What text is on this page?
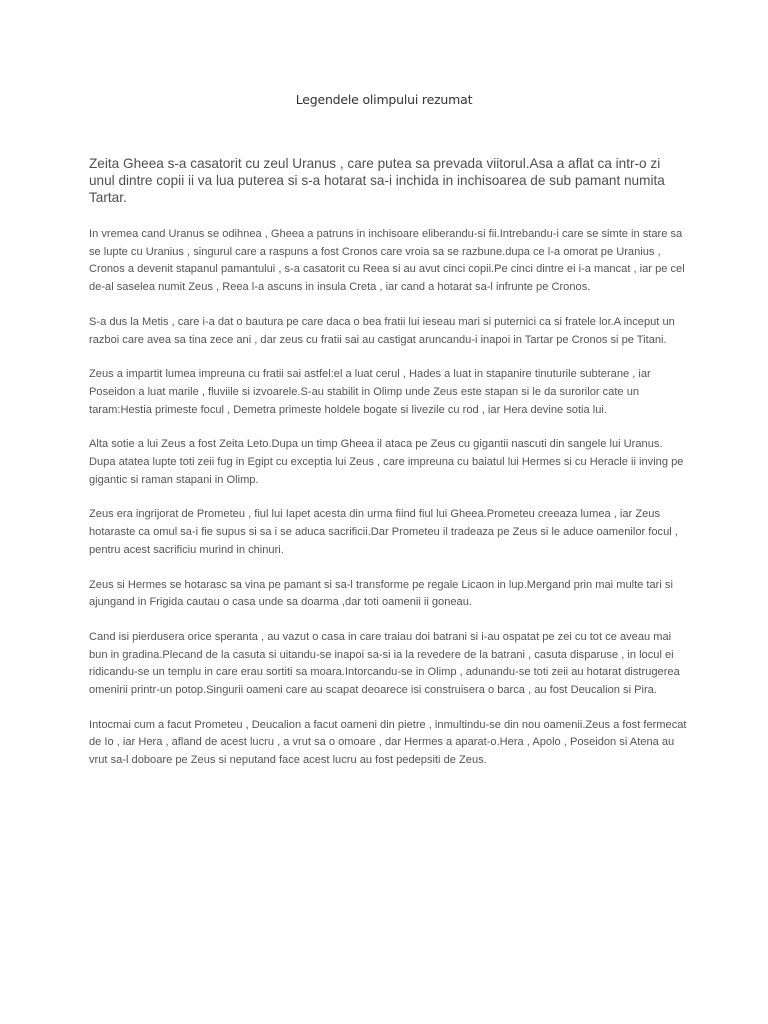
Legendele olimpului rezumat

Zeita Gheea s-a casatorit cu zeul Uranus , care putea sa prevada viitorul.Asa a aflat ca intr-o zi unul dintre copii ii va lua puterea si s-a hotarat sa-i inchida in inchisoarea de sub pamant numita Tartar.

In vremea cand Uranus se odihnea , Gheea a patruns in inchisoare eliberandu-si fii.Intrebandu-i care se simte in stare sa se lupte cu Uranius , singurul care a raspuns a fost Cronos care vroia sa se razbune.dupa ce l-a omorat pe Uranius , Cronos a devenit stapanul pamantului , s-a casatorit cu Reea si au avut cinci copii.Pe cinci dintre ei i-a mancat , iar pe cel de-al saselea numit Zeus , Reea l-a ascuns in insula Creta , iar cand a hotarat sa-l infrunte pe Cronos.

S-a dus la Metis , care i-a dat o bautura pe care daca o bea fratii lui ieseau mari si puternici ca si fratele lor.A inceput un razboi care avea sa tina zece ani , dar zeus cu fratii sai au castigat aruncandu-i inapoi in Tartar pe Cronos si pe Titani.

Zeus a impartit lumea impreuna cu fratii sai astfel:el a luat cerul , Hades a luat in stapanire tinuturile subterane , iar Poseidon a luat marile , fluviile si izvoarele.S-au stabilit in Olimp unde Zeus este stapan si le da surorilor cate un taram:Hestia primeste focul , Demetra primeste holdele bogate si livezile cu rod , iar Hera devine sotia lui.

Alta sotie a lui Zeus a fost Zeita Leto.Dupa un timp Gheea il ataca pe Zeus cu gigantii nascuti din sangele lui Uranus. Dupa atatea lupte toti zeii fug in Egipt cu exceptia lui Zeus , care impreuna cu baiatul lui Hermes si cu Heracle ii inving pe gigantic si raman stapani in Olimp.

Zeus era ingrijorat de Prometeu , fiul lui Iapet acesta din urma fiind fiul lui Gheea.Prometeu creeaza lumea , iar Zeus hotaraste ca omul sa-i fie supus si sa i se aduca sacrificii.Dar Prometeu il tradeaza pe Zeus si le aduce oamenilor focul , pentru acest sacrificiu murind in chinuri.

Zeus si Hermes se hotarasc sa vina pe pamant si sa-l transforme pe regale Licaon in lup.Mergand prin mai multe tari si ajungand in Frigida cautau o casa unde sa doarma ,dar toti oamenii ii goneau.

Cand isi pierdusera orice speranta , au vazut o casa in care traiau doi batrani si i-au ospatat pe zei cu tot ce aveau mai bun in gradina.Plecand de la casuta si uitandu-se inapoi sa-si ia la revedere de la batrani , casuta disparuse , in locul ei ridicandu-se un templu in care erau sortiti sa moara.Intorcandu-se in Olimp , adunandu-se toti zeii au hotarat distrugerea omenirii printr-un potop.Singurii oameni care au scapat deoarece isi construisera o barca , au fost Deucalion si Pira.

Intocmai cum a facut Prometeu , Deucalion a facut oameni din pietre , inmultindu-se din nou oamenii.Zeus a fost fermecat de Io , iar Hera , afland de acest lucru , a vrut sa o omoare , dar Hermes a aparat-o.Hera , Apolo , Poseidon si Atena au vrut sa-l doboare pe Zeus si neputand face acest lucru au fost pedepsiti de Zeus.
